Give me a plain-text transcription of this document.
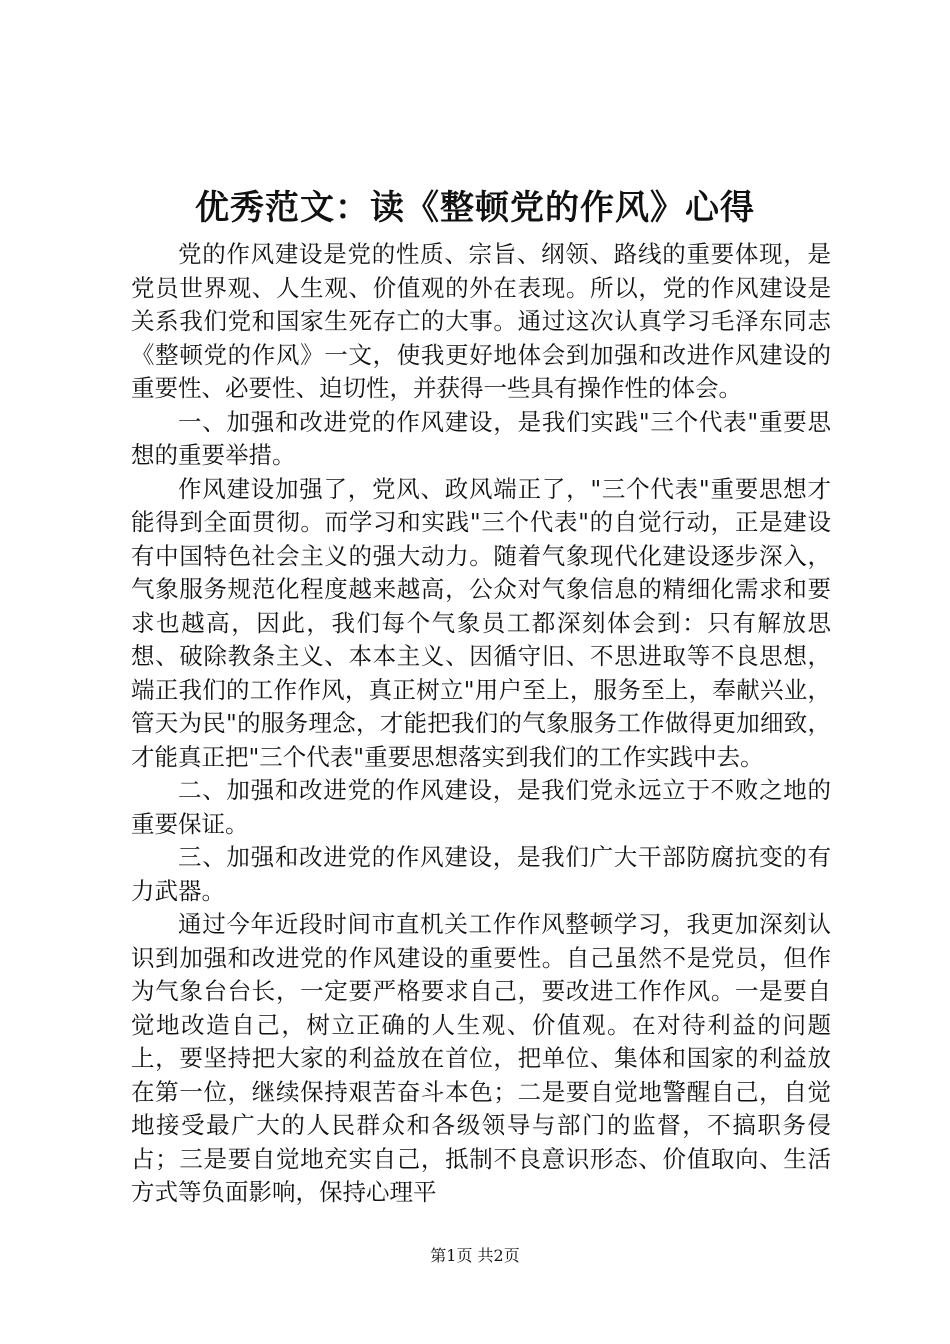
优秀范文：读《整顿党的作风》心得

党的作风建设是党的性质、宗旨、纲领、路线的重要体现，是党员世界观、人生观、价值观的外在表现。所以，党的作风建设是关系我们党和国家生死存亡的大事。通过这次认真学习毛泽东同志《整顿党的作风》一文，使我更好地体会到加强和改进作风建设的重要性、必要性、迫切性，并获得一些具有操作性的体会。

一、加强和改进党的作风建设，是我们实践"三个代表"重要思想的重要举措。

作风建设加强了，党风、政风端正了，"三个代表"重要思想才能得到全面贯彻。而学习和实践"三个代表"的自觉行动，正是建设有中国特色社会主义的强大动力。随着气象现代化建设逐步深入，气象服务规范化程度越来越高，公众对气象信息的精细化需求和要求也越高，因此，我们每个气象员工都深刻体会到：只有解放思想、破除教条主义、本本主义、因循守旧、不思进取等不良思想，端正我们的工作作风，真正树立"用户至上，服务至上，奉献兴业，管天为民"的服务理念，才能把我们的气象服务工作做得更加细致，才能真正把"三个代表"重要思想落实到我们的工作实践中去。

二、加强和改进党的作风建设，是我们党永远立于不败之地的重要保证。

三、加强和改进党的作风建设，是我们广大干部防腐抗变的有力武器。

通过今年近段时间市直机关工作作风整顿学习，我更加深刻认识到加强和改进党的作风建设的重要性。自己虽然不是党员，但作为气象台台长，一定要严格要求自己，要改进工作作风。一是要自觉地改造自己，树立正确的人生观、价值观。在对待利益的问题上，要坚持把大家的利益放在首位，把单位、集体和国家的利益放在第一位，继续保持艰苦奋斗本色；二是要自觉地警醒自己，自觉地接受最广大的人民群众和各级领导与部门的监督，不搞职务侵占；三是要自觉地充实自己，抵制不良意识形态、价值取向、生活方式等负面影响，保持心理平

第1页 共2页
